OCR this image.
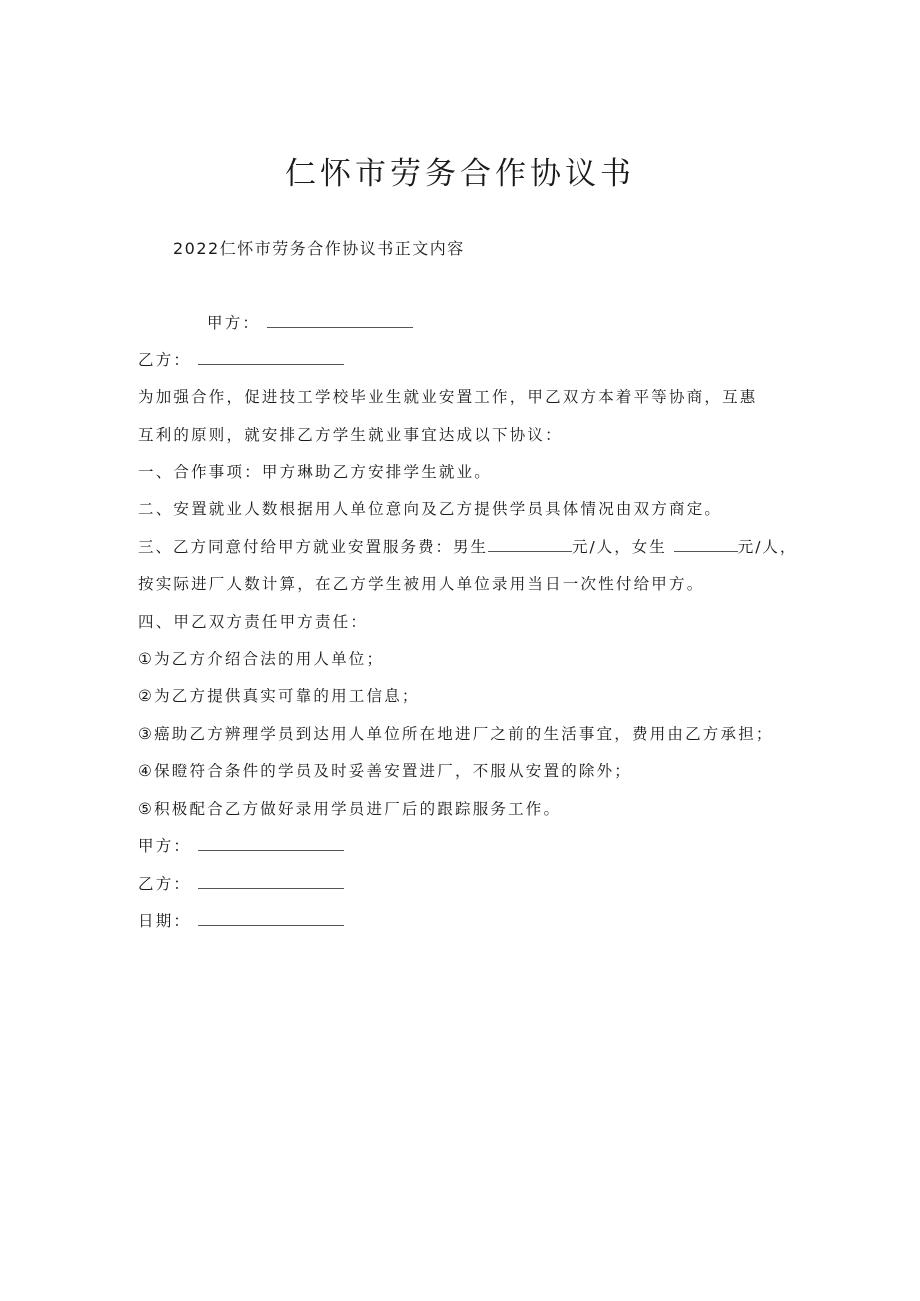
仁怀市劳务合作协议书
2022仁怀市劳务合作协议书正文内容
甲方：
乙方：
为加强合作，促进技工学校毕业生就业安置工作，甲乙双方本着平等协商，互惠
互利的原则，就安排乙方学生就业事宜达成以下协议：
一、合作事项：甲方琳助乙方安排学生就业。
二、安置就业人数根据用人单位意向及乙方提供学员具体情况由双方商定。
三、乙方同意付给甲方就业安置服务费：男生	元/人，女生	元/人，
按实际进厂人数计算，在乙方学生被用人单位录用当日一次性付给甲方。
四、甲乙双方责任甲方责任：
①为乙方介绍合法的用人单位；
②为乙方提供真实可靠的用工信息；
③癌助乙方辨理学员到达用人单位所在地进厂之前的生活事宜，费用由乙方承担；
④保瞪符合条件的学员及时妥善安置进厂，不服从安置的除外；
⑤积极配合乙方做好录用学员进厂后的跟踪服务工作。
甲方：
乙方：
日期：
